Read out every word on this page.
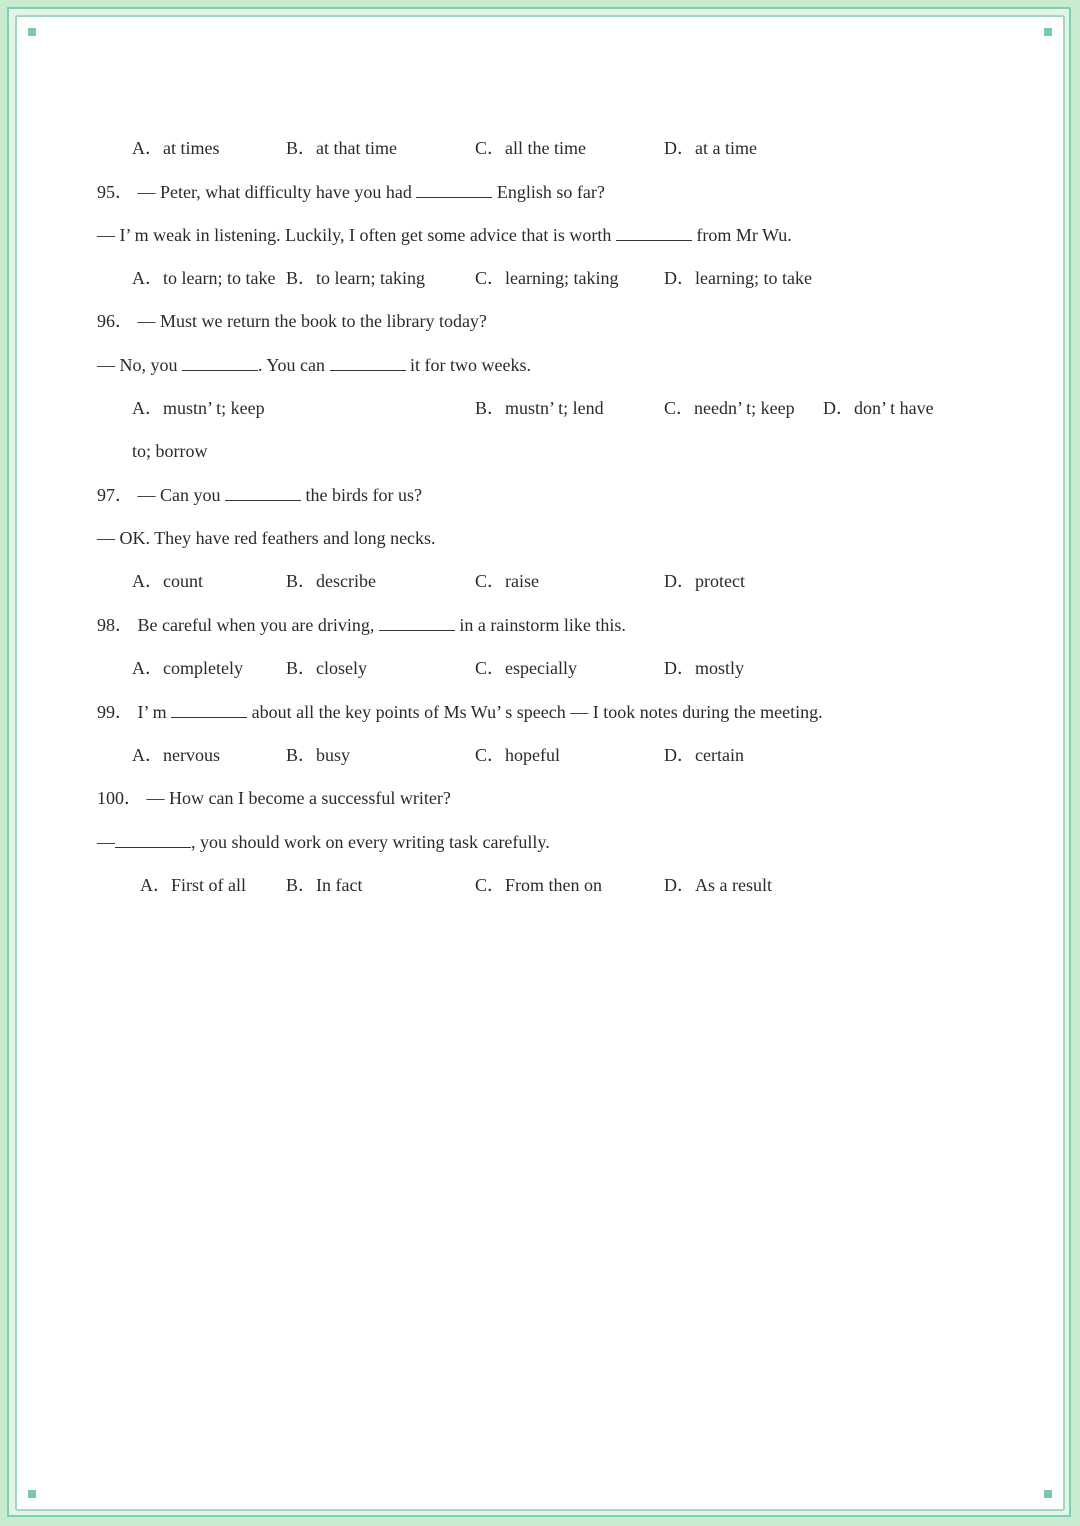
A．at times	B．at that time	C．all the time	D．at a time
95． — Peter, what difficulty have you had	English so far?
— I’ m weak in listening. Luckily, I often get some advice that is worth	from Mr Wu.
A．to learn; to take B．to learn; taking	C．learning; taking	D．learning; to take
96． — Must we return the book to the library today?
— No, you	. You can	it for two weeks.
A．mustn’ t; keep	B．mustn’ t; lend	C．needn’ t; keep D．don’ t have
to; borrow
97． — Can you	the birds for us?
— OK. They have red feathers and long necks.
A．count	B．describe	C．raise	D．protect
98． Be careful when you are driving,	in a rainstorm like this.
A．completely B．closely	C．especially	D．mostly
99． I’ m	about all the key points of Ms Wu’ s speech — I took notes during the meeting.
A．nervous	B．busy	C．hopeful	D．certain
100． — How can I become a successful writer?
—	, you should work on every writing task carefully.
A．First of all B．In fact	C．From then on	D．As a result
